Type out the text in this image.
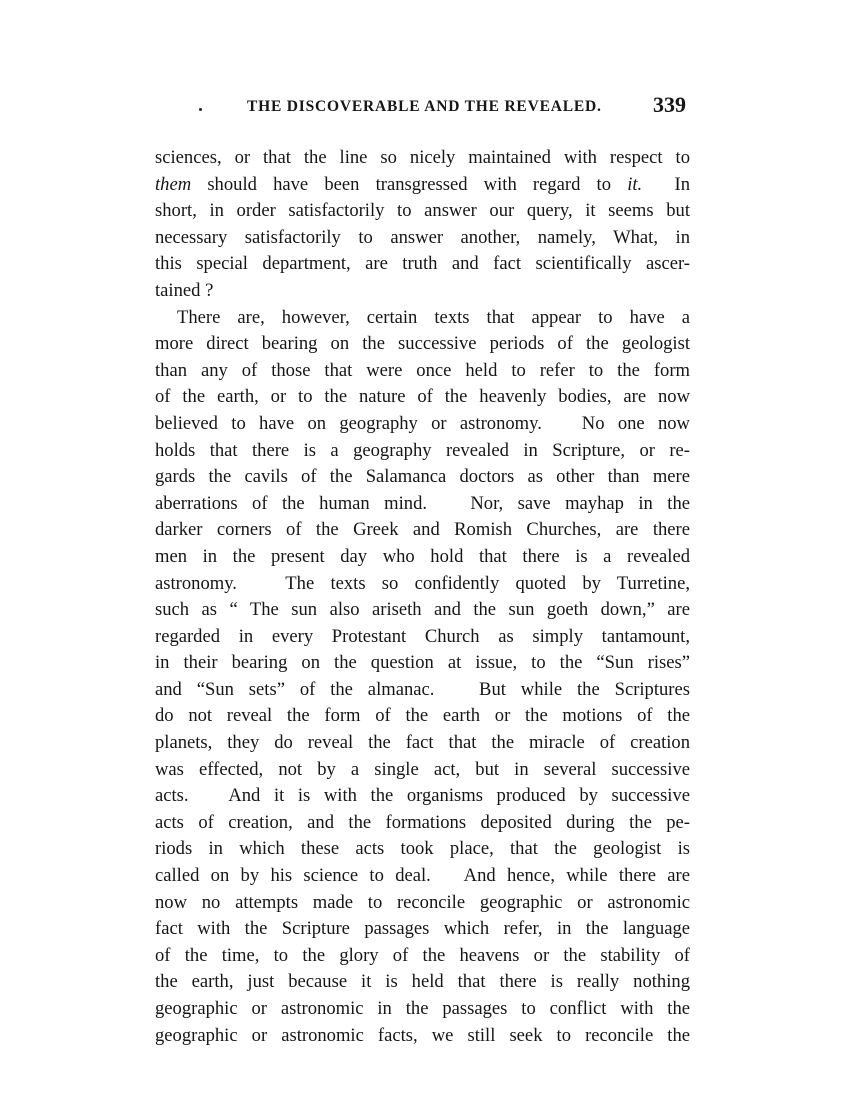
THE DISCOVERABLE AND THE REVEALED. 339
sciences, or that the line so nicely maintained with respect to
them should have been transgressed with regard to it.  In
short, in order satisfactorily to answer our query, it seems but
necessary satisfactorily to answer another, namely, What, in
this special department, are truth and fact scientifically ascer-
tained ?
There are, however, certain texts that appear to have a
more direct bearing on the successive periods of the geologist
than any of those that were once held to refer to the form
of the earth, or to the nature of the heavenly bodies, are now
believed to have on geography or astronomy.   No one now
holds that there is a geography revealed in Scripture, or re-
gards the cavils of the Salamanca doctors as other than mere
aberrations of the human mind.   Nor, save mayhap in the
darker corners of the Greek and Romish Churches, are there
men in the present day who hold that there is a revealed
astronomy.   The texts so confidently quoted by Turretine,
such as “ The sun also ariseth and the sun goeth down,” are
regarded in every Protestant Church as simply tantamount,
in their bearing on the question at issue, to the “Sun rises”
and “Sun sets” of the almanac.   But while the Scriptures
do not reveal the form of the earth or the motions of the
planets, they do reveal the fact that the miracle of creation
was effected, not by a single act, but in several successive
acts.   And it is with the organisms produced by successive
acts of creation, and the formations deposited during the pe-
riods in which these acts took place, that the geologist is
called on by his science to deal.   And hence, while there are
now no attempts made to reconcile geographic or astronomic
fact with the Scripture passages which refer, in the language
of the time, to the glory of the heavens or the stability of
the earth, just because it is held that there is really nothing
geographic or astronomic in the passages to conflict with the
geographic or astronomic facts, we still seek to reconcile the
